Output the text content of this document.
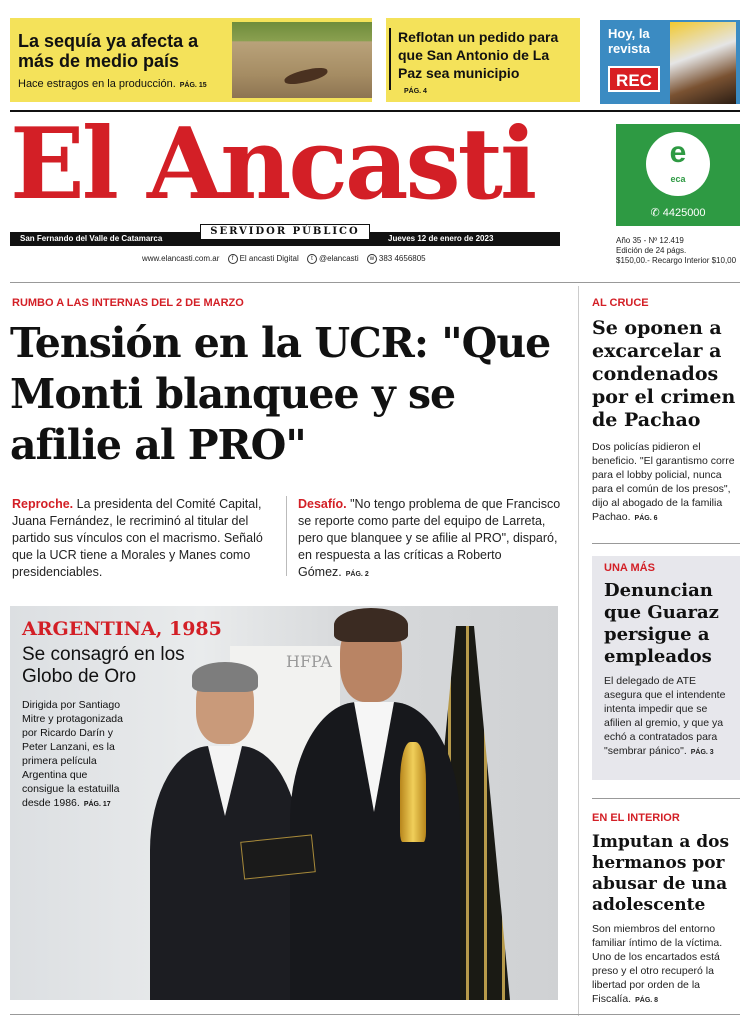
La sequía ya afecta a más de medio país
Hace estragos en la producción. PÁG. 15
Reflotan un pedido para que San Antonio de La Paz sea municipio
PÁG. 4
Hoy, la revista
REC
El Ancasti
San Fernando del Valle de Catamarca	Jueves 12 de enero de 2023
SERVIDOR PÚBLICO
www.elancasti.com.ar f El ancasti Digital t @elancasti w 383 4656805
e
eca
✆ 4425000
Año 35 - Nº 12.419
Edición de 24 págs.
$150,00.- Recargo Interior $10,00
RUMBO A LAS INTERNAS DEL 2 DE MARZO
Tensión en la UCR: "Que Monti blanquee y se afilie al PRO"
Reproche. La presidenta del Comité Capital, Juana Fernández, le recriminó al titular del partido sus vínculos con el macrismo. Señaló que la UCR tiene a Morales y Manes como presidenciables.
Desafío. "No tengo problema de que Francisco se reporte como parte del equipo de Larreta, pero que blanquee y se afilie al PRO", disparó, en respuesta a las críticas a Roberto Gómez. PÁG. 2
HFPA
ARGENTINA, 1985
Se consagró en los Globo de Oro
Dirigida por Santiago Mitre y protagonizada por Ricardo Darín y Peter Lanzani, es la primera película Argentina que consigue la estatuilla desde 1986. PÁG. 17
AL CRUCE
Se oponen a excarcelar a condenados por el crimen de Pachao
Dos policías pidieron el beneficio. "El garantismo corre para el lobby policial, nunca para el común de los presos", dijo al abogado de la familia Pachao. PÁG. 6
UNA MÁS
Denuncian que Guaraz persigue a empleados
El delegado de ATE asegura que el intendente intenta impedir que se afilien al gremio, y que ya echó a contratados para "sembrar pánico". PÁG. 3
EN EL INTERIOR
Imputan a dos hermanos por abusar de una adolescente
Son miembros del entorno familiar íntimo de la víctima. Uno de los encartados está preso y el otro recuperó la libertad por orden de la Fiscalía. PÁG. 8
